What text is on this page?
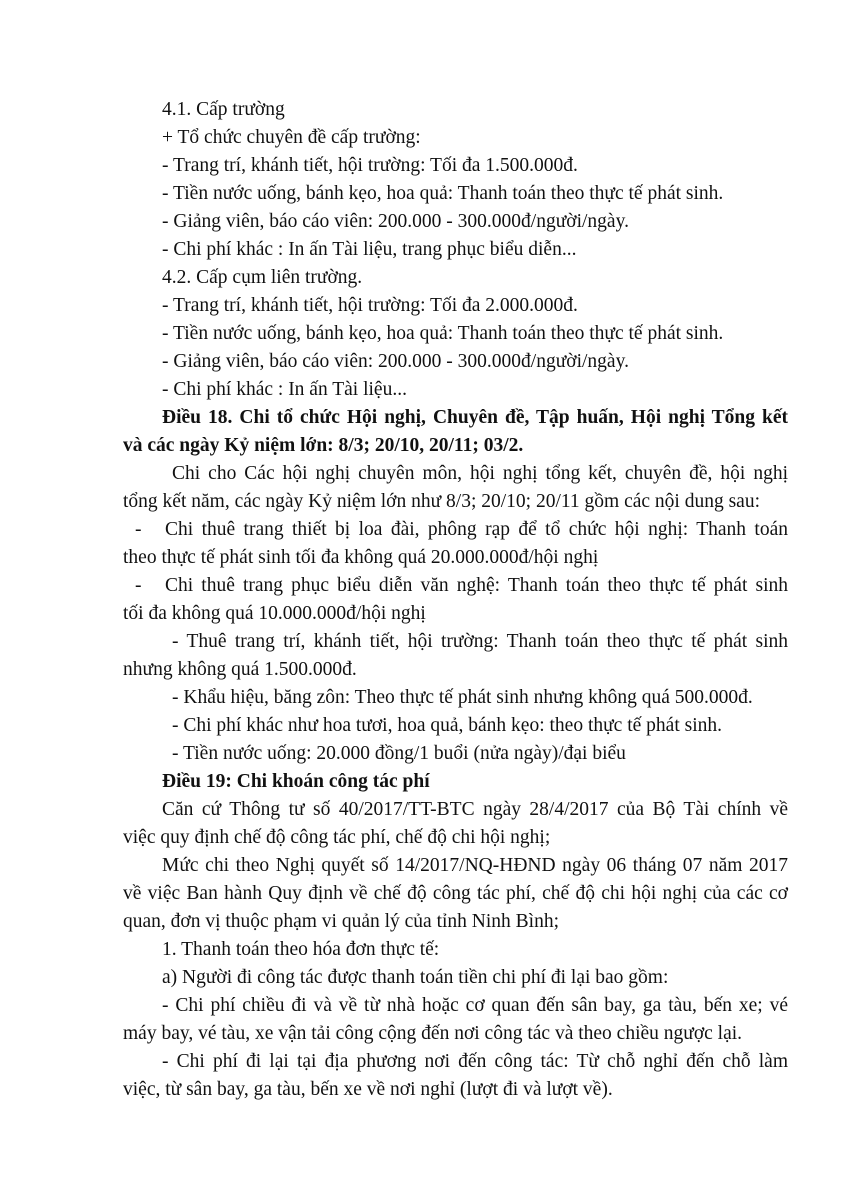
4.1. Cấp trường
+ Tổ chức chuyên đề cấp trường:
- Trang trí, khánh tiết, hội trường: Tối đa 1.500.000đ.
- Tiền nước uống, bánh kẹo, hoa quả: Thanh toán theo thực tế phát sinh.
- Giảng viên, báo cáo viên: 200.000 - 300.000đ/người/ngày.
- Chi phí khác : In ấn Tài liệu, trang phục biểu diễn...
4.2. Cấp cụm liên trường.
- Trang trí, khánh tiết, hội trường: Tối đa 2.000.000đ.
- Tiền nước uống, bánh kẹo, hoa quả: Thanh toán theo thực tế phát sinh.
- Giảng viên, báo cáo viên: 200.000 - 300.000đ/người/ngày.
- Chi phí khác : In ấn Tài liệu...
Điều 18. Chi tổ chức Hội nghị, Chuyên đề, Tập huấn, Hội nghị Tổng kết
và các ngày Kỷ niệm lớn: 8/3; 20/10, 20/11; 03/2.
Chi cho Các hội nghị chuyên môn, hội nghị tổng kết, chuyên đề, hội nghị
tổng kết năm, các ngày Kỷ niệm lớn như 8/3; 20/10; 20/11 gồm các nội dung sau:
- Chi thuê trang thiết bị loa đài, phông rạp để tổ chức hội nghị: Thanh toán
theo thực tế phát sinh tối đa không quá 20.000.000đ/hội nghị
- Chi thuê trang phục biểu diễn văn nghệ: Thanh toán theo thực tế phát sinh
tối đa không quá 10.000.000đ/hội nghị
- Thuê trang trí, khánh tiết, hội trường: Thanh toán theo thực tế phát sinh
nhưng không quá 1.500.000đ.
- Khẩu hiệu, băng zôn: Theo thực tế phát sinh nhưng không quá 500.000đ.
- Chi phí khác như hoa tươi, hoa quả, bánh kẹo: theo thực tế phát sinh.
- Tiền nước uống: 20.000 đồng/1 buổi (nửa ngày)/đại biểu
Điều 19: Chi khoán công tác phí
Căn cứ Thông tư số 40/2017/TT-BTC ngày 28/4/2017 của Bộ Tài chính về
việc quy định chế độ công tác phí, chế độ chi hội nghị;
Mức chi theo Nghị quyết số 14/2017/NQ-HĐND ngày 06 tháng 07 năm 2017
về việc Ban hành Quy định về chế độ công tác phí, chế độ chi hội nghị của các cơ
quan, đơn vị thuộc phạm vi quản lý của tỉnh Ninh Bình;
1. Thanh toán theo hóa đơn thực tế:
a) Người đi công tác được thanh toán tiền chi phí đi lại bao gồm:
- Chi phí chiều đi và về từ nhà hoặc cơ quan đến sân bay, ga tàu, bến xe; vé
máy bay, vé tàu, xe vận tải công cộng đến nơi công tác và theo chiều ngược lại.
- Chi phí đi lại tại địa phương nơi đến công tác: Từ chỗ nghỉ đến chỗ làm
việc, từ sân bay, ga tàu, bến xe về nơi nghỉ (lượt đi và lượt về).
